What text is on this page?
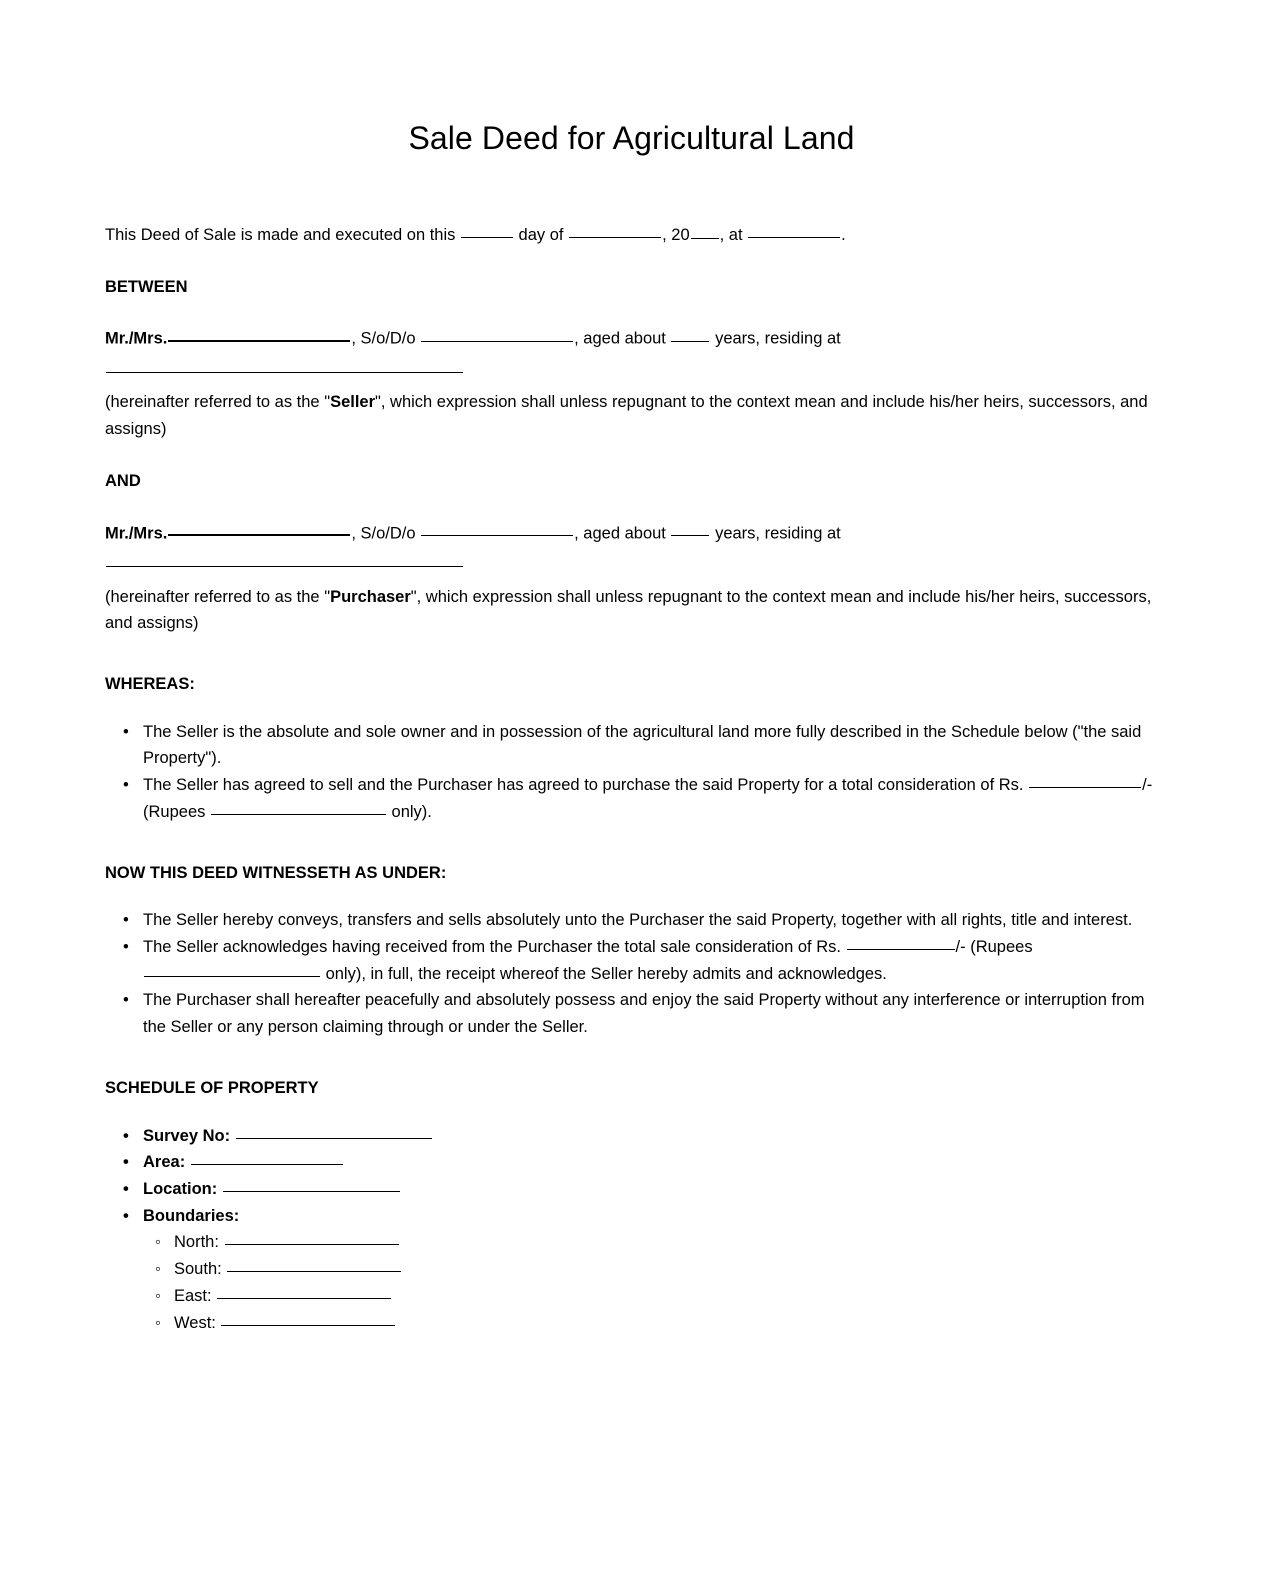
Sale Deed for Agricultural Land

This Deed of Sale is made and executed on this	day of	, 20 , at	.

BETWEEN

Mr./Mrs.	, S/o/D/o	, aged about  years, residing at

(hereinafter referred to as the "Seller", which expression shall unless repugnant to the context mean and include his/her heirs, successors, and assigns)

AND

Mr./Mrs.	, S/o/D/o	, aged about  years, residing at

(hereinafter referred to as the "Purchaser", which expression shall unless repugnant to the context mean and include his/her heirs, successors, and assigns)

WHEREAS:
• The Seller is the absolute and sole owner and in possession of the agricultural land more fully described in the Schedule below ("the said Property").
• The Seller has agreed to sell and the Purchaser has agreed to purchase the said Property for a total consideration of Rs.	/- (Rupees	only).
NOW THIS DEED WITNESSETH AS UNDER:
• The Seller hereby conveys, transfers and sells absolutely unto the Purchaser the said Property, together with all rights, title and interest.
• The Seller acknowledges having received from the Purchaser the total sale consideration of Rs.	/- (Rupees  only), in full, the receipt whereof the Seller hereby admits and acknowledges.
• The Purchaser shall hereafter peacefully and absolutely possess and enjoy the said Property without any interference or interruption from the Seller or any person claiming through or under the Seller.
SCHEDULE OF PROPERTY
• Survey No:
• Area:
• Location:
• Boundaries:
◦ North:
◦ South:
◦ East:
◦ West:
